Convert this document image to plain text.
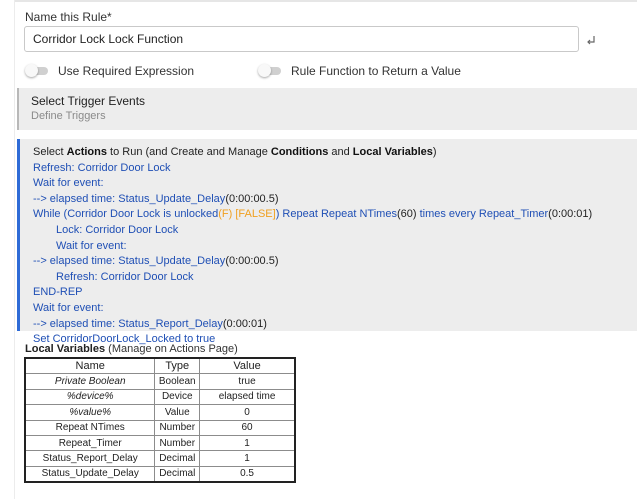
Name this Rule*
Corridor Lock Lock Function
Use Required Expression	Rule Function to Return a Value
Select Trigger Events
Define Triggers
Select Actions to Run (and Create and Manage Conditions and Local Variables)
Refresh: Corridor Door Lock
Wait for event:
--> elapsed time: Status_Update_Delay(0:00:00.5)
While (Corridor Door Lock is unlocked(F) [FALSE]) Repeat Repeat NTimes(60) times every Repeat_Timer(0:00:01)
Lock: Corridor Door Lock
Wait for event:
--> elapsed time: Status_Update_Delay(0:00:00.5)
Refresh: Corridor Door Lock
END-REP
Wait for event:
--> elapsed time: Status_Report_Delay(0:00:01)
Set CorridorDoorLock_Locked to true
Local Variables (Manage on Actions Page)
Name	Type	Value
Private Boolean	Boolean	true
%device%	Device	elapsed time
%value%	Value	0
Repeat NTimes	Number	60
Repeat_Timer	Number	1
Status_Report_Delay	Decimal	1
Status_Update_Delay	Decimal	0.5
